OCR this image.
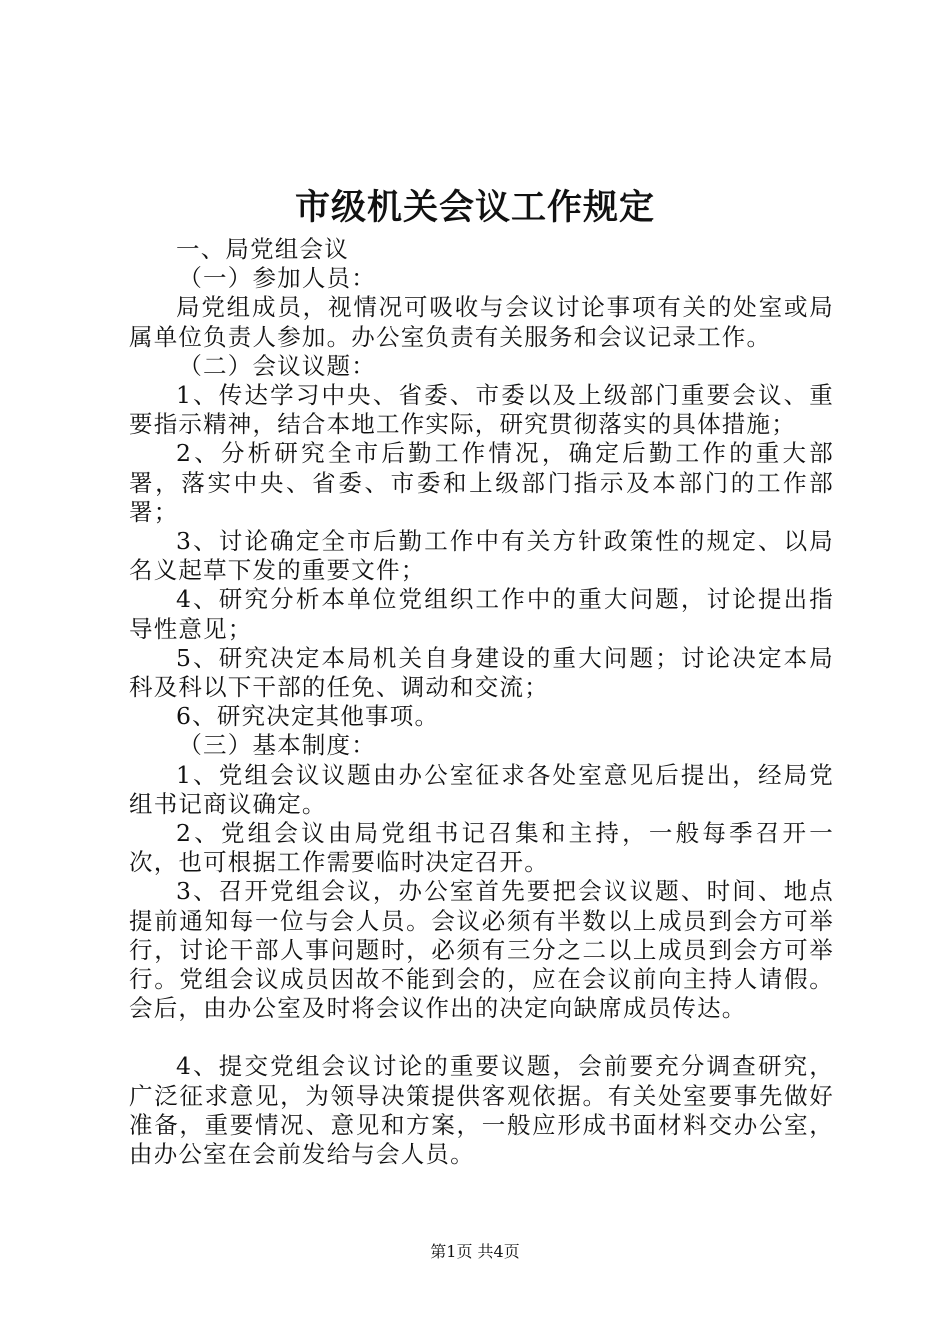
市级机关会议工作规定

一、局党组会议

（一）参加人员：

局党组成员，视情况可吸收与会议讨论事项有关的处室或局属单位负责人参加。办公室负责有关服务和会议记录工作。

（二）会议议题：

1、传达学习中央、省委、市委以及上级部门重要会议、重要指示精神，结合本地工作实际，研究贯彻落实的具体措施；

2、分析研究全市后勤工作情况，确定后勤工作的重大部署，落实中央、省委、市委和上级部门指示及本部门的工作部署；

3、讨论确定全市后勤工作中有关方针政策性的规定、以局名义起草下发的重要文件；

4、研究分析本单位党组织工作中的重大问题，讨论提出指导性意见；

5、研究决定本局机关自身建设的重大问题；讨论决定本局科及科以下干部的任免、调动和交流；

6、研究决定其他事项。

（三）基本制度：

1、党组会议议题由办公室征求各处室意见后提出，经局党组书记商议确定。

2、党组会议由局党组书记召集和主持，一般每季召开一次，也可根据工作需要临时决定召开。

3、召开党组会议，办公室首先要把会议议题、时间、地点提前通知每一位与会人员。会议必须有半数以上成员到会方可举行，讨论干部人事问题时，必须有三分之二以上成员到会方可举行。党组会议成员因故不能到会的，应在会议前向主持人请假。会后，由办公室及时将会议作出的决定向缺席成员传达。

4、提交党组会议讨论的重要议题，会前要充分调查研究，广泛征求意见，为领导决策提供客观依据。有关处室要事先做好准备，重要情况、意见和方案，一般应形成书面材料交办公室，由办公室在会前发给与会人员。

第1页 共4页
